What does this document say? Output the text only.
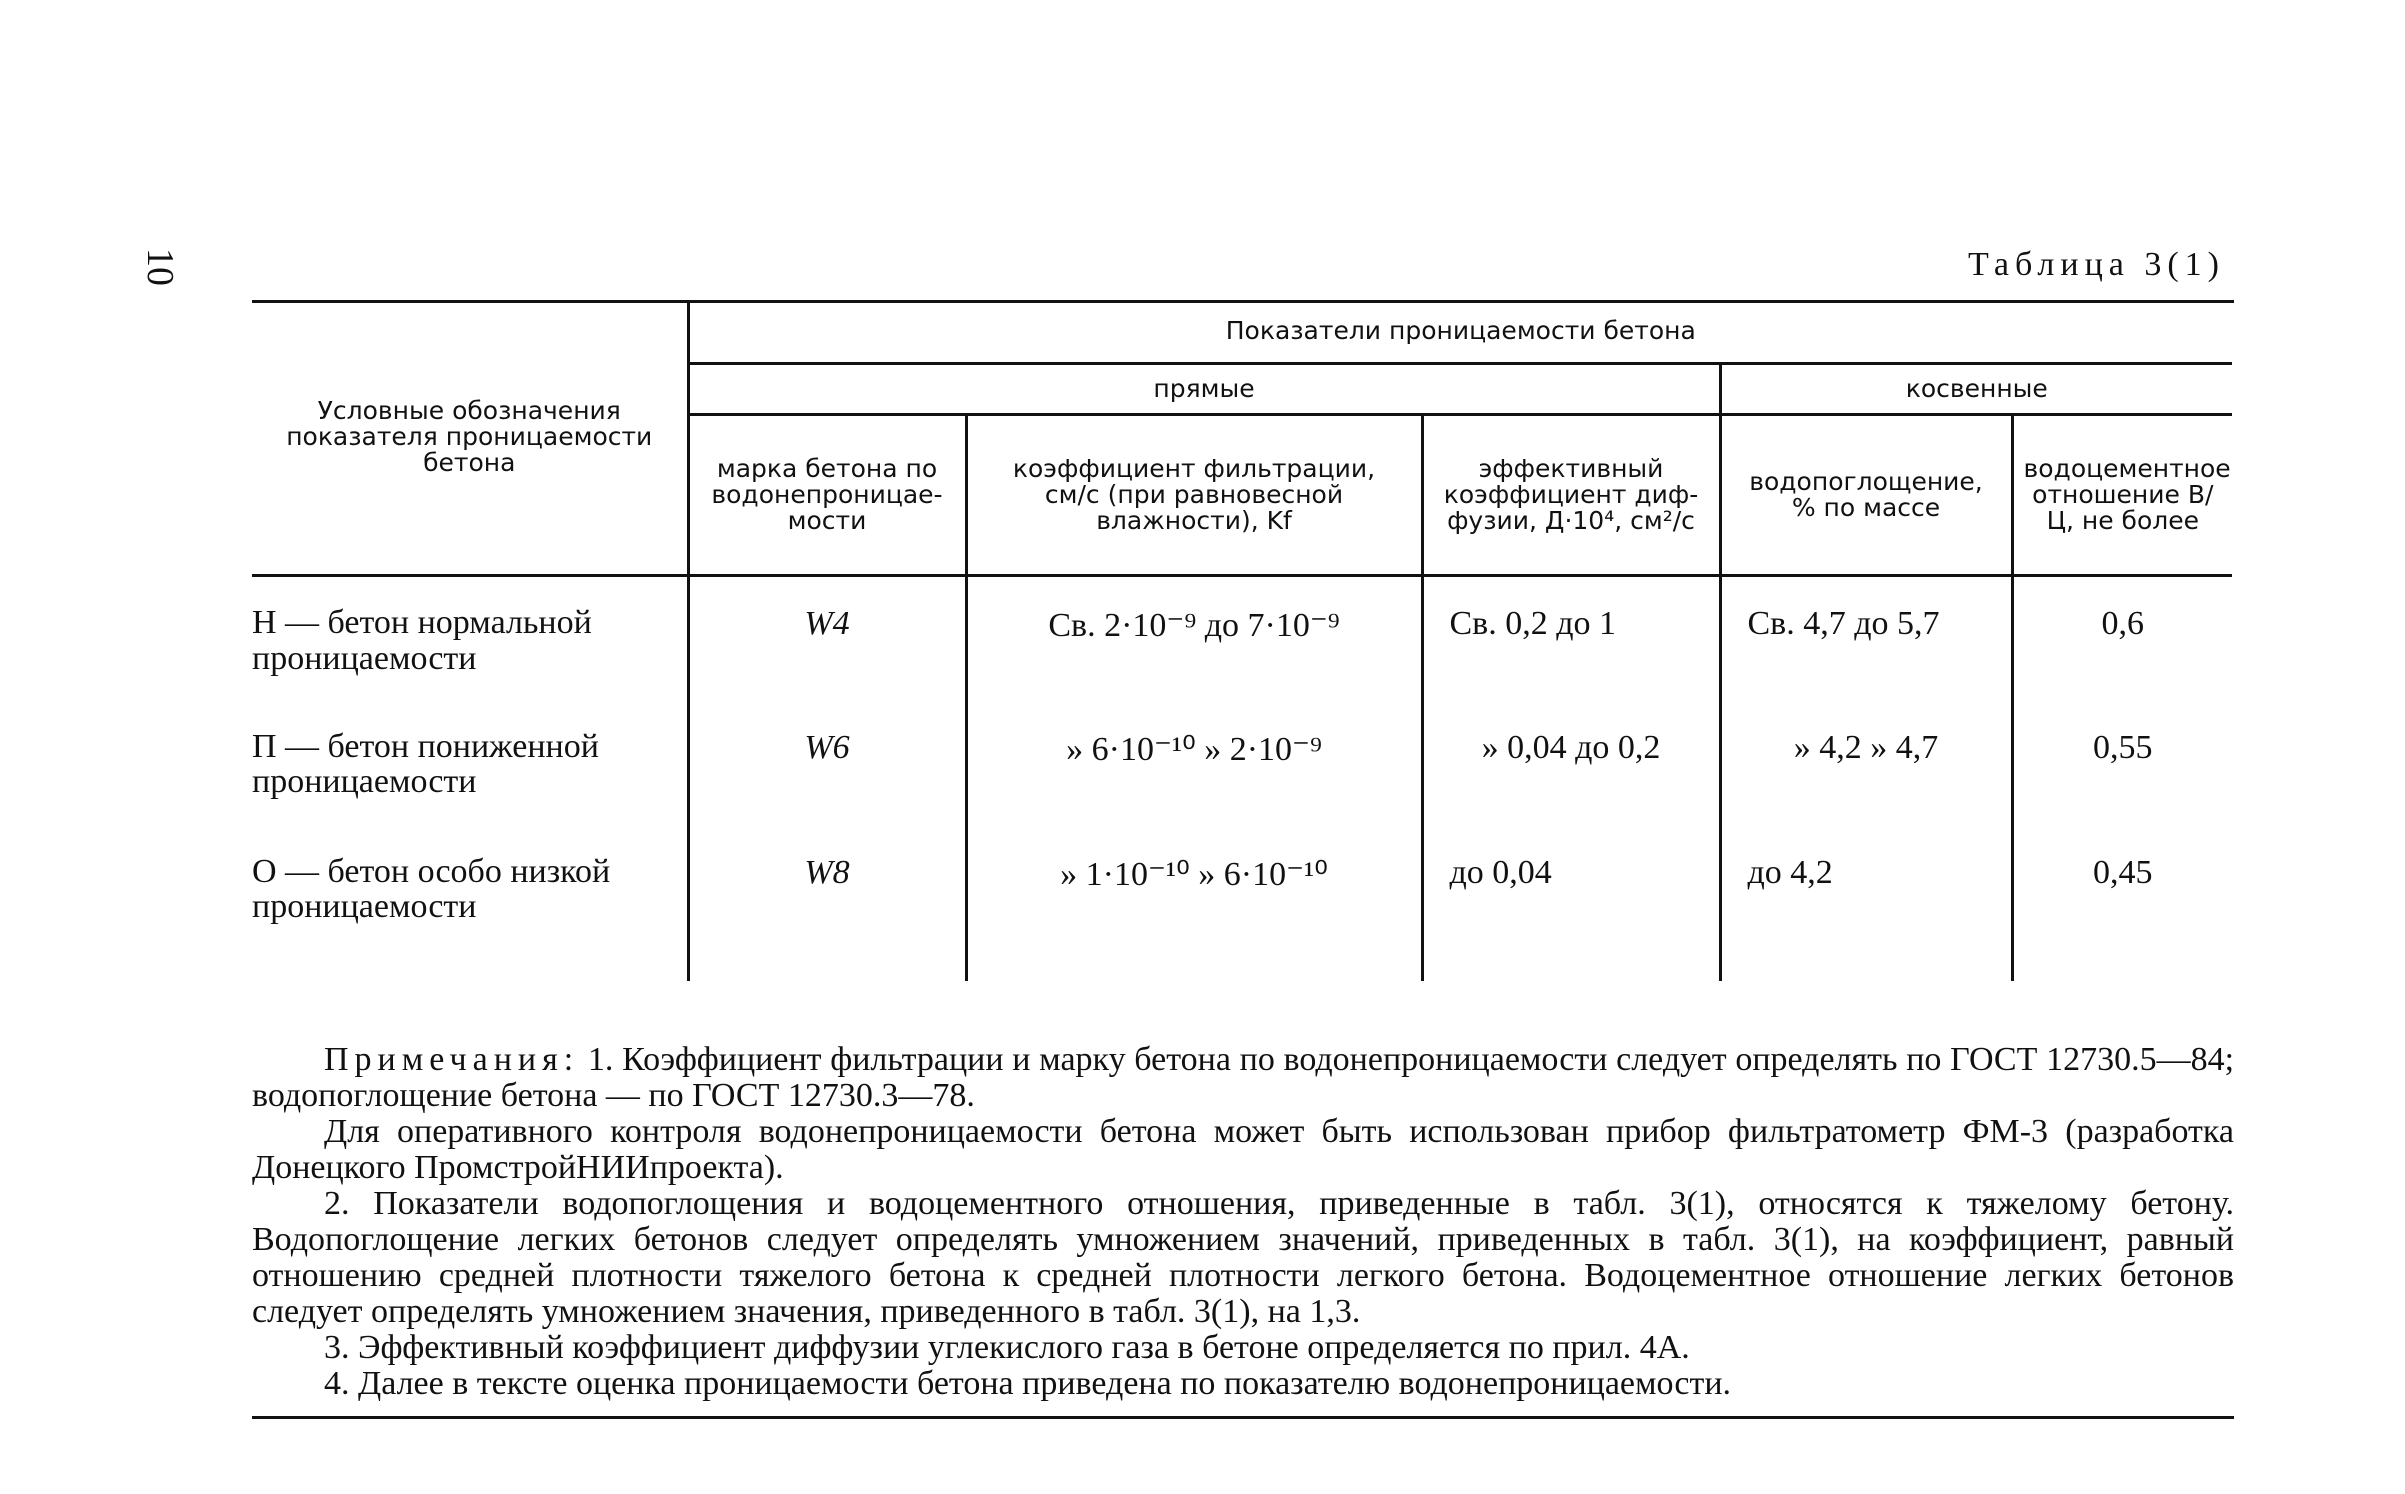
10	Таблица 3(1)
Условные обозначения показателя проницаемости бетона	Показатели проницаемости бетона				
	прямые			косвенные	
	марка бетона по водонепроницае-мости	коэффициент фильтрации, см/с (при равновесной влажности), Kf	эффективный коэффициент диф-фузии, Д·10⁴, см²/с	водопоглощение, % по массе	водоцементное отношение В/Ц, не более

Н — бетон нормальной
проницаемости	W4	Св. 2·10⁻⁹ до 7·10⁻⁹	Св. 0,2 до 1	Св. 4,7 до 5,7	0,6

П — бетон пониженной
проницаемости	W6	» 6·10⁻¹⁰ » 2·10⁻⁹	» 0,04 до 0,2	» 4,2 » 4,7	0,55

О — бетон особо низкой
проницаемости	W8	» 1·10⁻¹⁰ » 6·10⁻¹⁰	до 0,04	до 4,2	0,45

Примечания: 1. Коэффициент фильтрации и марку бетона по водонепроницаемости следует определять по ГОСТ 12730.5—84; водопоглощение бетона — по ГОСТ 12730.3—78.

Для оперативного контроля водонепроницаемости бетона может быть использован прибор фильтратометр ФМ-3 (разработка Донецкого ПромстройНИИпроекта).

2. Показатели водопоглощения и водоцементного отношения, приведенные в табл. 3(1), относятся к тяжелому бетону. Водопоглощение легких бетонов следует определять умножением значений, приведенных в табл. 3(1), на коэффициент, равный отношению средней плотности тяжелого бетона к средней плотности легкого бетона. Водоцементное отношение легких бетонов следует определять умножением значения, приведенного в табл. 3(1), на 1,3.

3. Эффективный коэффициент диффузии углекислого газа в бетоне определяется по прил. 4А.

4. Далее в тексте оценка проницаемости бетона приведена по показателю водонепроницаемости.
